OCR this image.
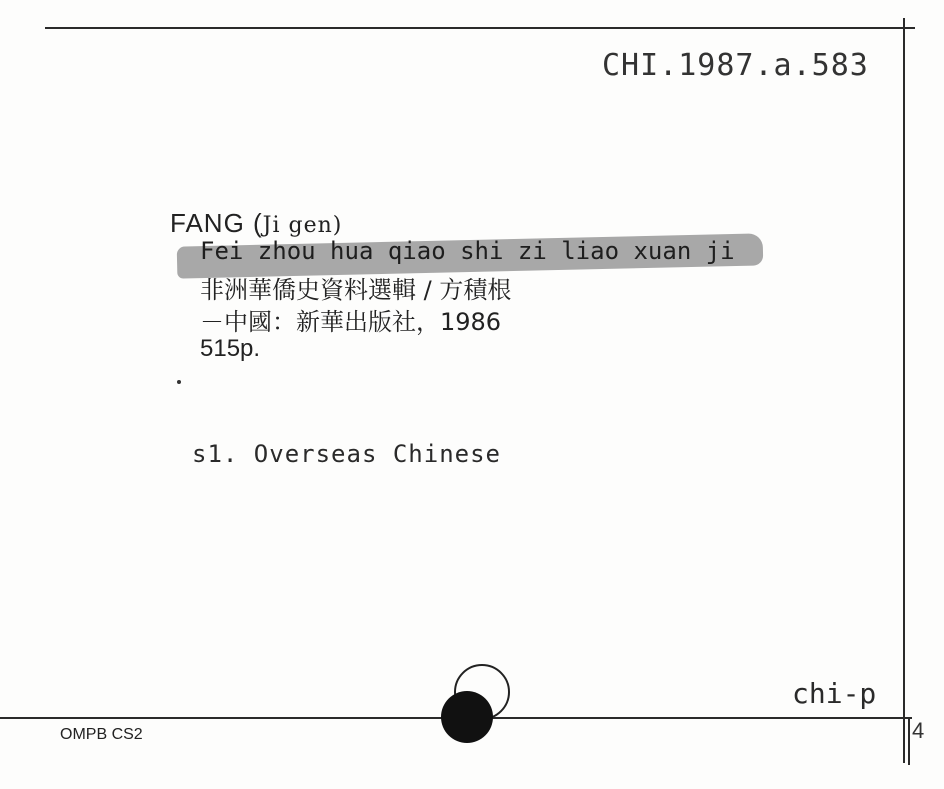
CHI.1987.a.583
FANG (Ji gen)
Fei zhou hua qiao shi zi liao xuan ji
非洲華僑史資料選輯 / 方積根
－中國：新華出版社，1986
515p.
s1. Overseas Chinese
chi-p
OMPB CS2	4
